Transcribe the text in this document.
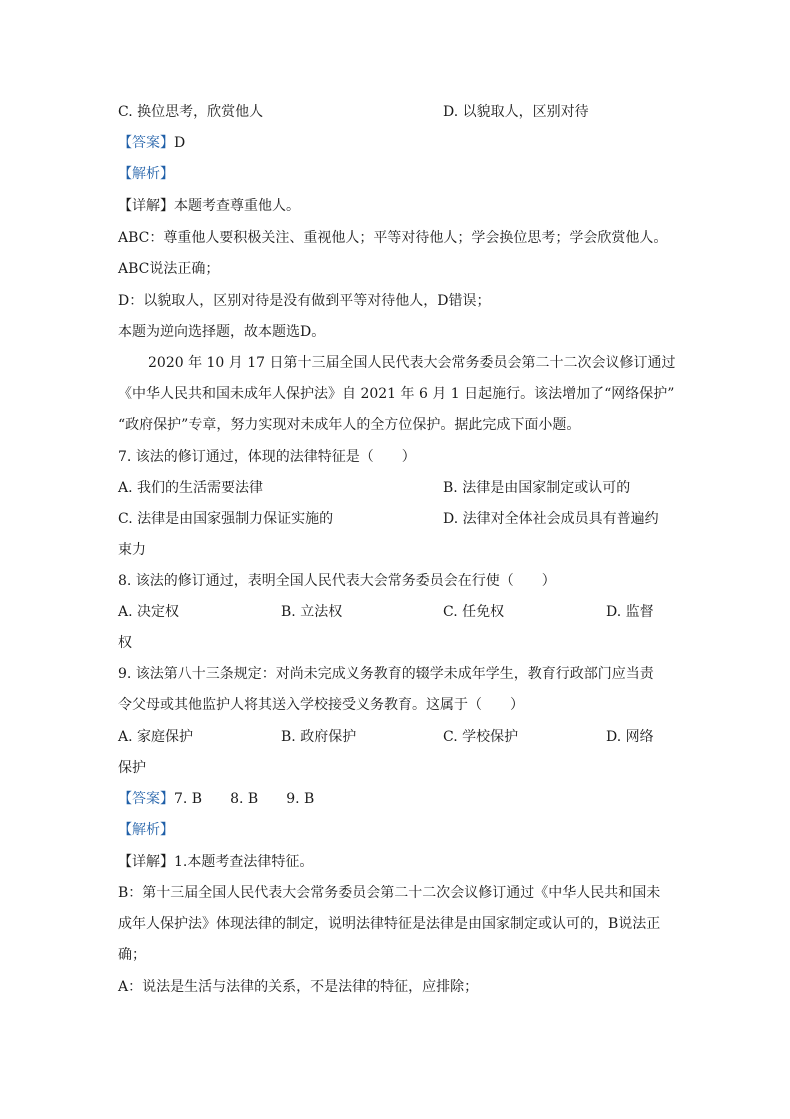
C. 换位思考，欣赏他人	D. 以貌取人，区别对待
【答案】D
【解析】
【详解】本题考查尊重他人。
ABC：尊重他人要积极关注、重视他人；平等对待他人；学会换位思考；学会欣赏他人。
ABC说法正确；
D：以貌取人，区别对待是没有做到平等对待他人，D错误；
本题为逆向选择题，故本题选D。
2020 年 10 月 17 日第十三届全国人民代表大会常务委员会第二十二次会议修订通过
《中华人民共和国未成年人保护法》自 2021 年 6 月 1 日起施行。该法增加了“网络保护”
“政府保护”专章，努力实现对未成年人的全方位保护。据此完成下面小题。
7. 该法的修订通过，体现的法律特征是（　　）
A. 我们的生活需要法律	B. 法律是由国家制定或认可的
C. 法律是由国家强制力保证实施的	D. 法律对全体社会成员具有普遍约
束力
8. 该法的修订通过，表明全国人民代表大会常务委员会在行使（　　）
A. 决定权	B. 立法权	C. 任免权	D. 监督
权
9. 该法第八十三条规定：对尚未完成义务教育的辍学未成年学生，教育行政部门应当责
令父母或其他监护人将其送入学校接受义务教育。这属于（　　）
A. 家庭保护	B. 政府保护	C. 学校保护	D. 网络
保护
【答案】7. B　　8. B　　9. B
【解析】
【详解】1.本题考查法律特征。
B：第十三届全国人民代表大会常务委员会第二十二次会议修订通过《中华人民共和国未
成年人保护法》体现法律的制定，说明法律特征是法律是由国家制定或认可的，B说法正
确；
A：说法是生活与法律的关系，不是法律的特征，应排除；
